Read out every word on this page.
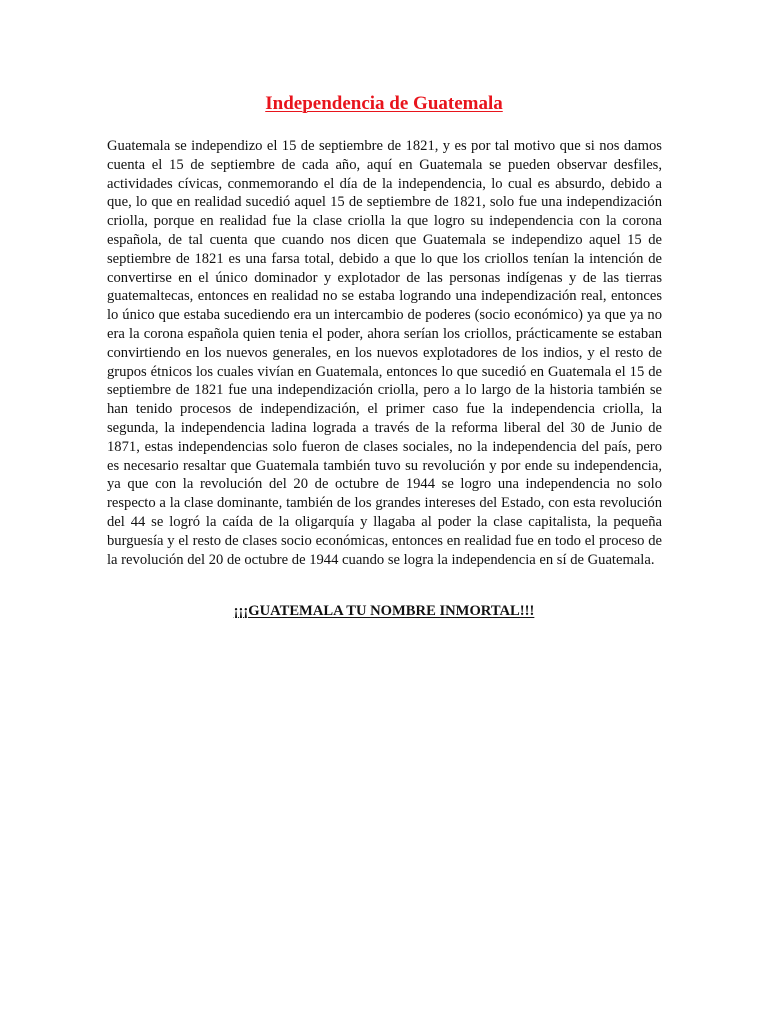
Independencia de Guatemala

Guatemala se independizo el 15 de septiembre de 1821, y es por tal motivo que si nos damos cuenta el 15 de septiembre de cada año, aquí en Guatemala se pueden observar desfiles, actividades cívicas, conmemorando el día de la independencia, lo cual es absurdo, debido a que, lo que en realidad sucedió aquel 15 de septiembre de 1821, solo fue una independización criolla, porque en realidad fue la clase criolla la que logro su independencia con la corona española, de tal cuenta que cuando nos dicen que Guatemala se independizo aquel 15 de septiembre de 1821 es una farsa total, debido a que lo que los criollos tenían la intención de convertirse en el único dominador y explotador de las personas indígenas y de las tierras guatemaltecas, entonces en realidad no se estaba logrando una independización real, entonces lo único que estaba sucediendo era un intercambio de poderes (socio económico) ya que ya no era la corona española quien tenia el poder, ahora serían los criollos, prácticamente se estaban convirtiendo en los nuevos generales, en los nuevos explotadores de los indios, y el resto de grupos étnicos los cuales vivían en Guatemala, entonces lo que sucedió en Guatemala el 15 de septiembre de 1821 fue una independización criolla, pero a lo largo de la historia también se han tenido procesos de independización, el primer caso fue la independencia criolla, la segunda, la independencia ladina lograda a través de la reforma liberal del 30 de Junio de 1871, estas independencias solo fueron de clases sociales, no la independencia del país, pero es necesario resaltar que Guatemala también tuvo su revolución y por ende su independencia, ya que con la revolución del 20 de octubre de 1944 se logro una independencia no solo respecto a la clase dominante, también de los grandes intereses del Estado, con esta revolución del 44 se logró la caída de la oligarquía y llagaba al poder la clase capitalista, la pequeña burguesía y el resto de clases socio económicas, entonces en realidad fue en todo el proceso de la revolución del 20 de octubre de 1944 cuando se logra la independencia en sí de Guatemala.

¡¡¡GUATEMALA TU NOMBRE INMORTAL!!!
